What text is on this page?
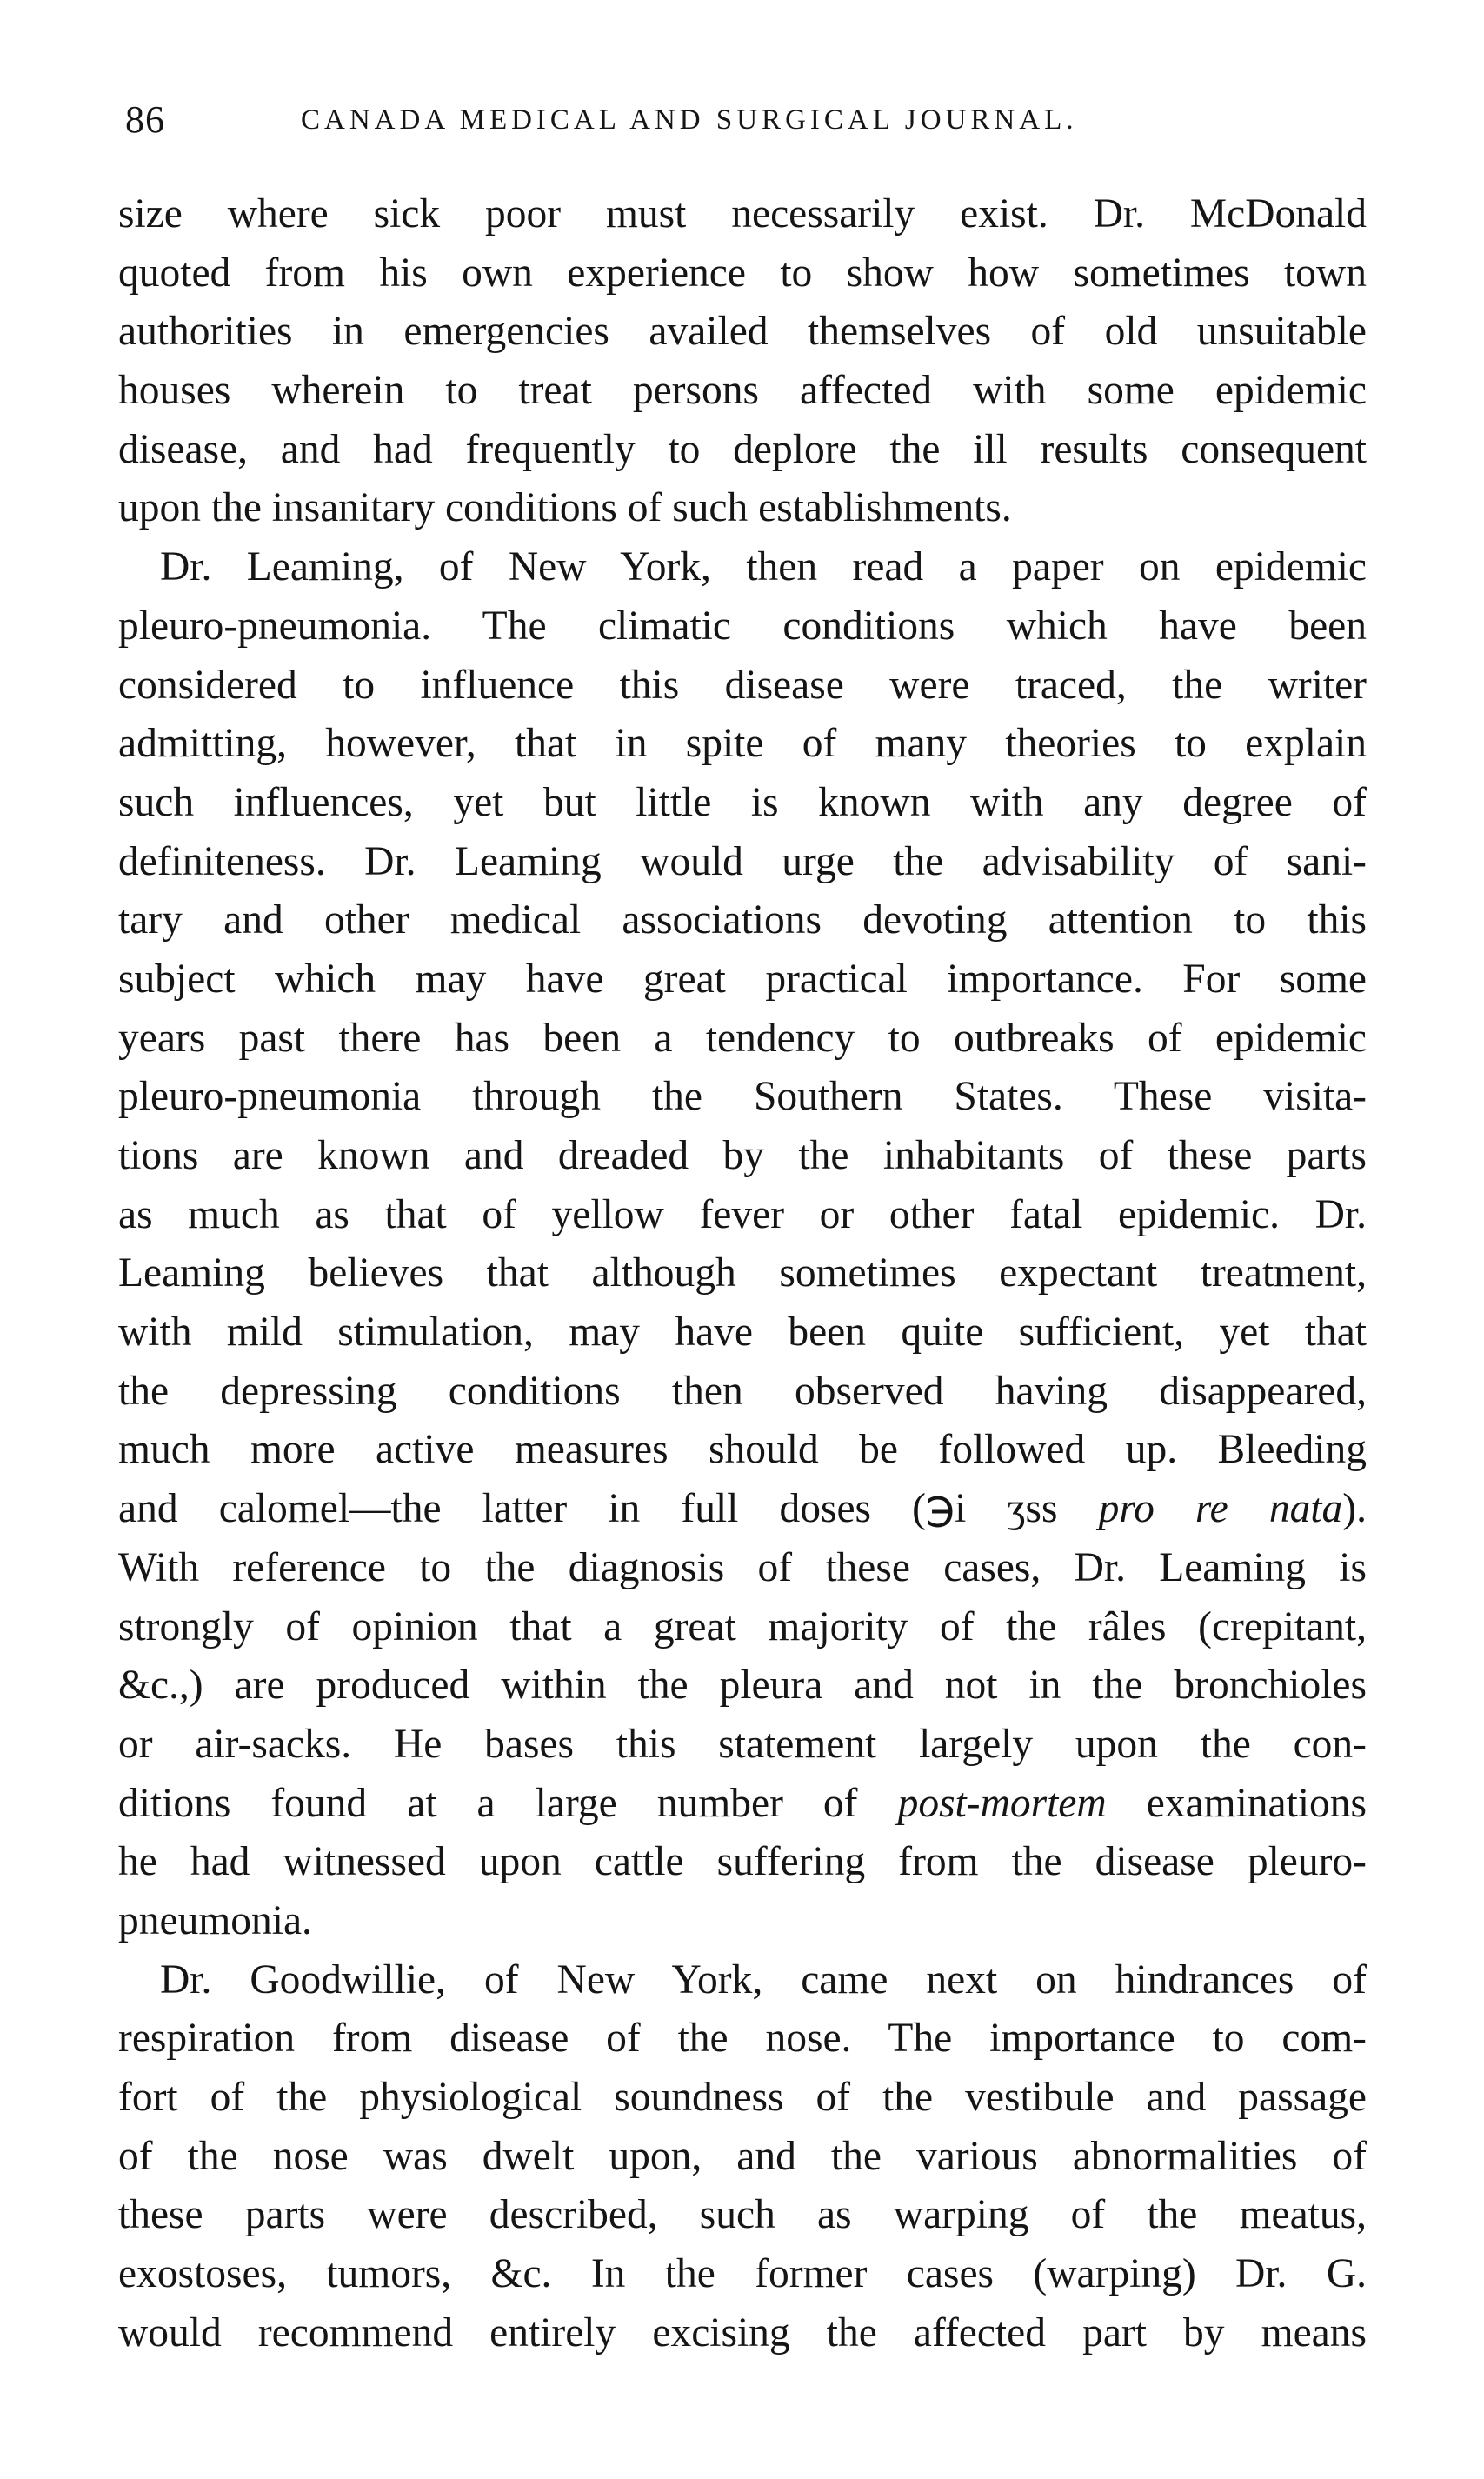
86	CANADA MEDICAL AND SURGICAL JOURNAL.
size where sick poor must necessarily exist. Dr. McDonald
quoted from his own experience to show how sometimes town
authorities in emergencies availed themselves of old unsuitable
houses wherein to treat persons affected with some epidemic
disease, and had frequently to deplore the ill results consequent
upon the insanitary conditions of such establishments.
Dr. Leaming, of New York, then read a paper on epidemic
pleuro-pneumonia. The climatic conditions which have been
considered to influence this disease were traced, the writer
admitting, however, that in spite of many theories to explain
such influences, yet but little is known with any degree of
definiteness. Dr. Leaming would urge the advisability of sani-
tary and other medical associations devoting attention to this
subject which may have great practical importance. For some
years past there has been a tendency to outbreaks of epidemic
pleuro-pneumonia through the Southern States. These visita-
tions are known and dreaded by the inhabitants of these parts
as much as that of yellow fever or other fatal epidemic. Dr.
Leaming believes that although sometimes expectant treatment,
with mild stimulation, may have been quite sufficient, yet that
the depressing conditions then observed having disappeared,
much more active measures should be followed up. Bleeding
and calomel—the latter in full doses (℈i ʒss pro re nata).
With reference to the diagnosis of these cases, Dr. Leaming is
strongly of opinion that a great majority of the râles (crepitant,
&c.,) are produced within the pleura and not in the bronchioles
or air-sacks. He bases this statement largely upon the con-
ditions found at a large number of post-mortem examinations
he had witnessed upon cattle suffering from the disease pleuro-
pneumonia.
Dr. Goodwillie, of New York, came next on hindrances of
respiration from disease of the nose. The importance to com-
fort of the physiological soundness of the vestibule and passage
of the nose was dwelt upon, and the various abnormalities of
these parts were described, such as warping of the meatus,
exostoses, tumors, &c. In the former cases (warping) Dr. G.
would recommend entirely excising the affected part by means
